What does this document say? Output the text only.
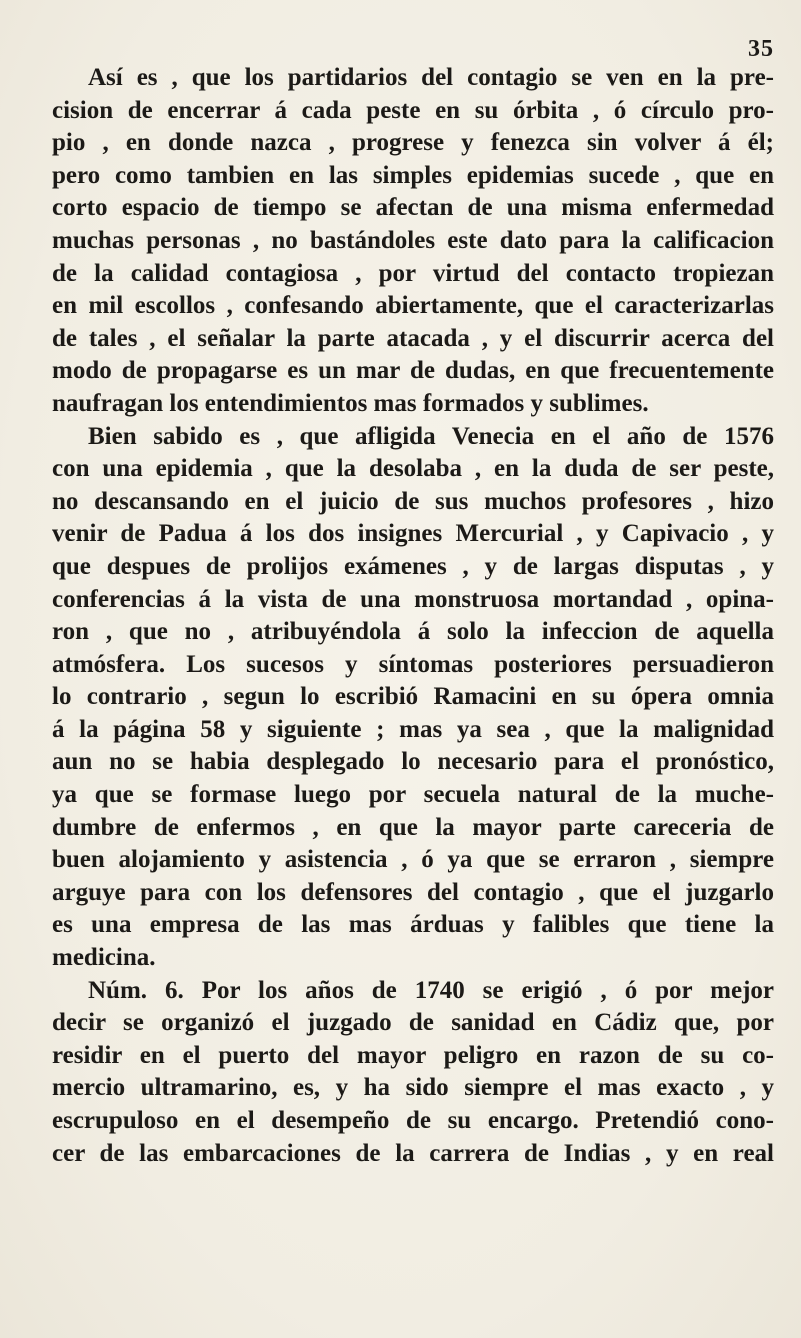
35
Así es , que los partidarios del contagio se ven en la pre-
cision de encerrar á cada peste en su órbita , ó círculo pro-
pio , en donde nazca , progrese y fenezca sin volver á él;
pero como tambien en las simples epidemias sucede , que en
corto espacio de tiempo se afectan de una misma enfermedad
muchas personas , no bastándoles este dato para la calificacion
de la calidad contagiosa , por virtud del contacto tropiezan
en mil escollos , confesando abiertamente, que el caracterizarlas
de tales , el señalar la parte atacada , y el discurrir acerca del
modo de propagarse es un mar de dudas, en que frecuentemente
naufragan los entendimientos mas formados y sublimes.
Bien sabido es , que afligida Venecia en el año de 1576
con una epidemia , que la desolaba , en la duda de ser peste,
no descansando en el juicio de sus muchos profesores , hizo
venir de Padua á los dos insignes Mercurial , y Capivacio , y
que despues de prolijos exámenes , y de largas disputas , y
conferencias á la vista de una monstruosa mortandad , opina-
ron , que no , atribuyéndola á solo la infeccion de aquella
atmósfera. Los sucesos y síntomas posteriores persuadieron
lo contrario , segun lo escribió Ramacini en su ópera omnia
á la página 58 y siguiente ; mas ya sea , que la malignidad
aun no se habia desplegado lo necesario para el pronóstico,
ya que se formase luego por secuela natural de la muche-
dumbre de enfermos , en que la mayor parte careceria de
buen alojamiento y asistencia , ó ya que se erraron , siempre
arguye para con los defensores del contagio , que el juzgarlo
es una empresa de las mas árduas y falibles que tiene la
medicina.
Núm. 6. Por los años de 1740 se erigió , ó por mejor
decir se organizó el juzgado de sanidad en Cádiz que, por
residir en el puerto del mayor peligro en razon de su co-
mercio ultramarino, es, y ha sido siempre el mas exacto , y
escrupuloso en el desempeño de su encargo. Pretendió cono-
cer de las embarcaciones de la carrera de Indias , y en real
